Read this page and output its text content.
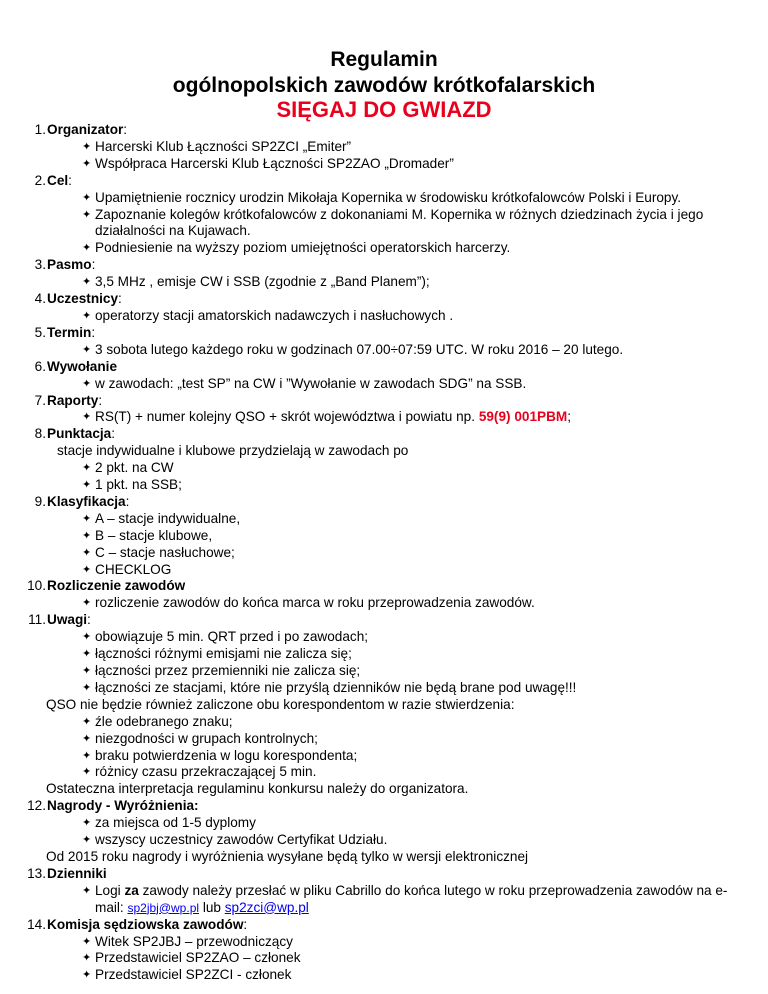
Regulamin
ogólnopolskich zawodów krótkofalarskich
SIĘGAJ DO GWIAZD
1. Organizator:
✦ Harcerski Klub Łączności SP2ZCI „Emiter”
✦ Współpraca Harcerski Klub Łączności SP2ZAO „Dromader”
2. Cel:
✦ Upamiętnienie rocznicy urodzin Mikołaja Kopernika w środowisku krótkofalowców Polski i Europy.
✦ Zapoznanie kolegów krótkofalowców z dokonaniami M. Kopernika w różnych dziedzinach życia i jego działalności na Kujawach.
✦ Podniesienie na wyższy poziom umiejętności operatorskich harcerzy.
3. Pasmo:
✦ 3,5 MHz , emisje CW i SSB (zgodnie z „Band Planem”);
4. Uczestnicy:
✦ operatorzy stacji amatorskich nadawczych i nasłuchowych .
5. Termin:
✦ 3 sobota lutego każdego roku w godzinach 07.00÷07:59 UTC. W roku 2016 – 20 lutego.
6. Wywołanie
✦ w zawodach: „test SP” na CW i ”Wywołanie w zawodach SDG” na SSB.
7. Raporty:
✦ RS(T) + numer kolejny QSO + skrót województwa i powiatu np. 59(9) 001PBM;
8. Punktacja:
stacje indywidualne i klubowe przydzielają w zawodach po
✦ 2 pkt. na CW
✦ 1 pkt. na SSB;
9. Klasyfikacja:
✦ A – stacje indywidualne,
✦ B – stacje klubowe,
✦ C – stacje nasłuchowe;
✦ CHECKLOG
10. Rozliczenie zawodów
✦ rozliczenie zawodów do końca marca w roku przeprowadzenia zawodów.
11. Uwagi:
✦ obowiązuje 5 min. QRT przed i po zawodach;
✦ łączności różnymi emisjami nie zalicza się;
✦ łączności przez przemienniki nie zalicza się;
✦ łączności ze stacjami, które nie przyślą dzienników nie będą brane pod uwagę!!!
QSO nie będzie również zaliczone obu korespondentom w razie stwierdzenia:
✦ źle odebranego znaku;
✦ niezgodności w grupach kontrolnych;
✦ braku potwierdzenia w logu korespondenta;
✦ różnicy czasu przekraczającej 5 min.
Ostateczna interpretacja regulaminu konkursu należy do organizatora.
12. Nagrody - Wyróżnienia:
✦ za miejsca od 1-5 dyplomy
✦ wszyscy uczestnicy zawodów Certyfikat Udziału.
Od 2015 roku nagrody i wyróżnienia wysyłane będą tylko w wersji elektronicznej
13. Dzienniki
✦ Logi za zawody należy przesłać w pliku Cabrillo do końca lutego w roku przeprowadzenia zawodów na e-mail: sp2jbj@wp.pl lub sp2zci@wp.pl
14. Komisja sędziowska zawodów:
✦ Witek SP2JBJ – przewodniczący
✦ Przedstawiciel SP2ZAO – członek
✦ Przedstawiciel SP2ZCI - członek
